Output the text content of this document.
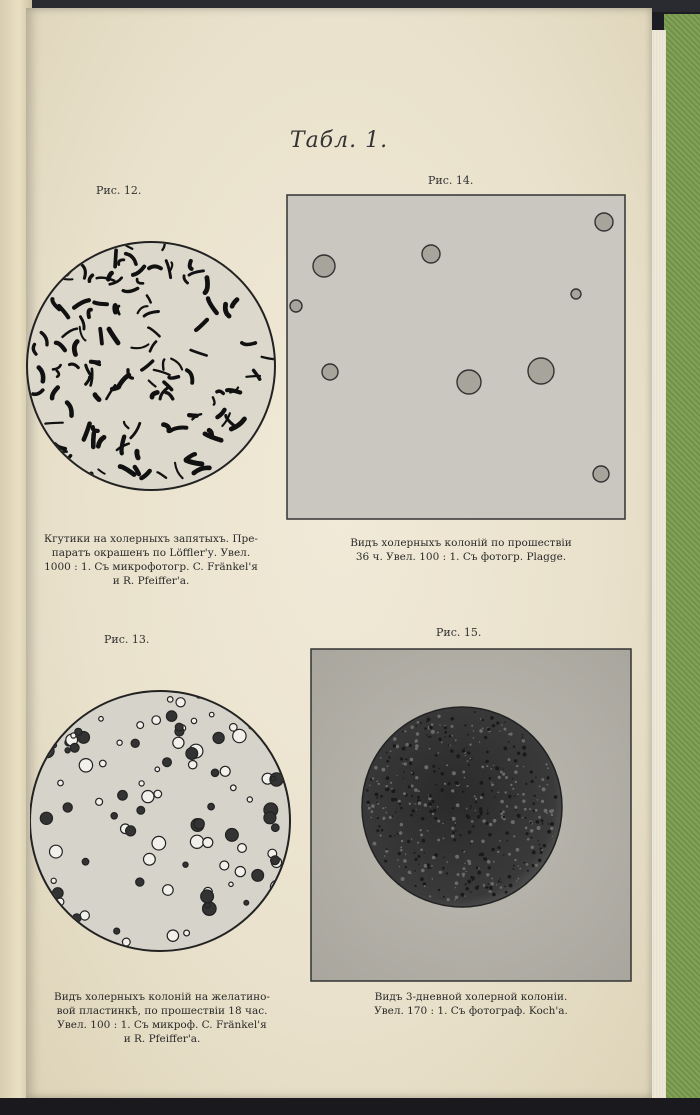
Табл. 1.
Рис. 12.
Кгутики на холерныхъ запятыхъ. Пре-
паратъ окрашенъ по Löffler'у. Увел.
1000 : 1. Съ микрофотогр. C. Fränkel'я
и R. Pfeiffer'а.
Рис. 14.
Видъ холерныхъ колоній по прошествіи
36 ч. Увел. 100 : 1. Съ фотогр. Plagge.
Рис. 13.
Видъ холерныхъ колоній на желатино-
вой пластинкѣ, по прошествіи 18 час.
Увел. 100 : 1. Съ микроф. C. Fränkel'я
и R. Pfeiffer'а.
Рис. 15.
Видъ 3-дневной холерной колоніи.
Увел. 170 : 1. Съ фотограф. Koch'а.
